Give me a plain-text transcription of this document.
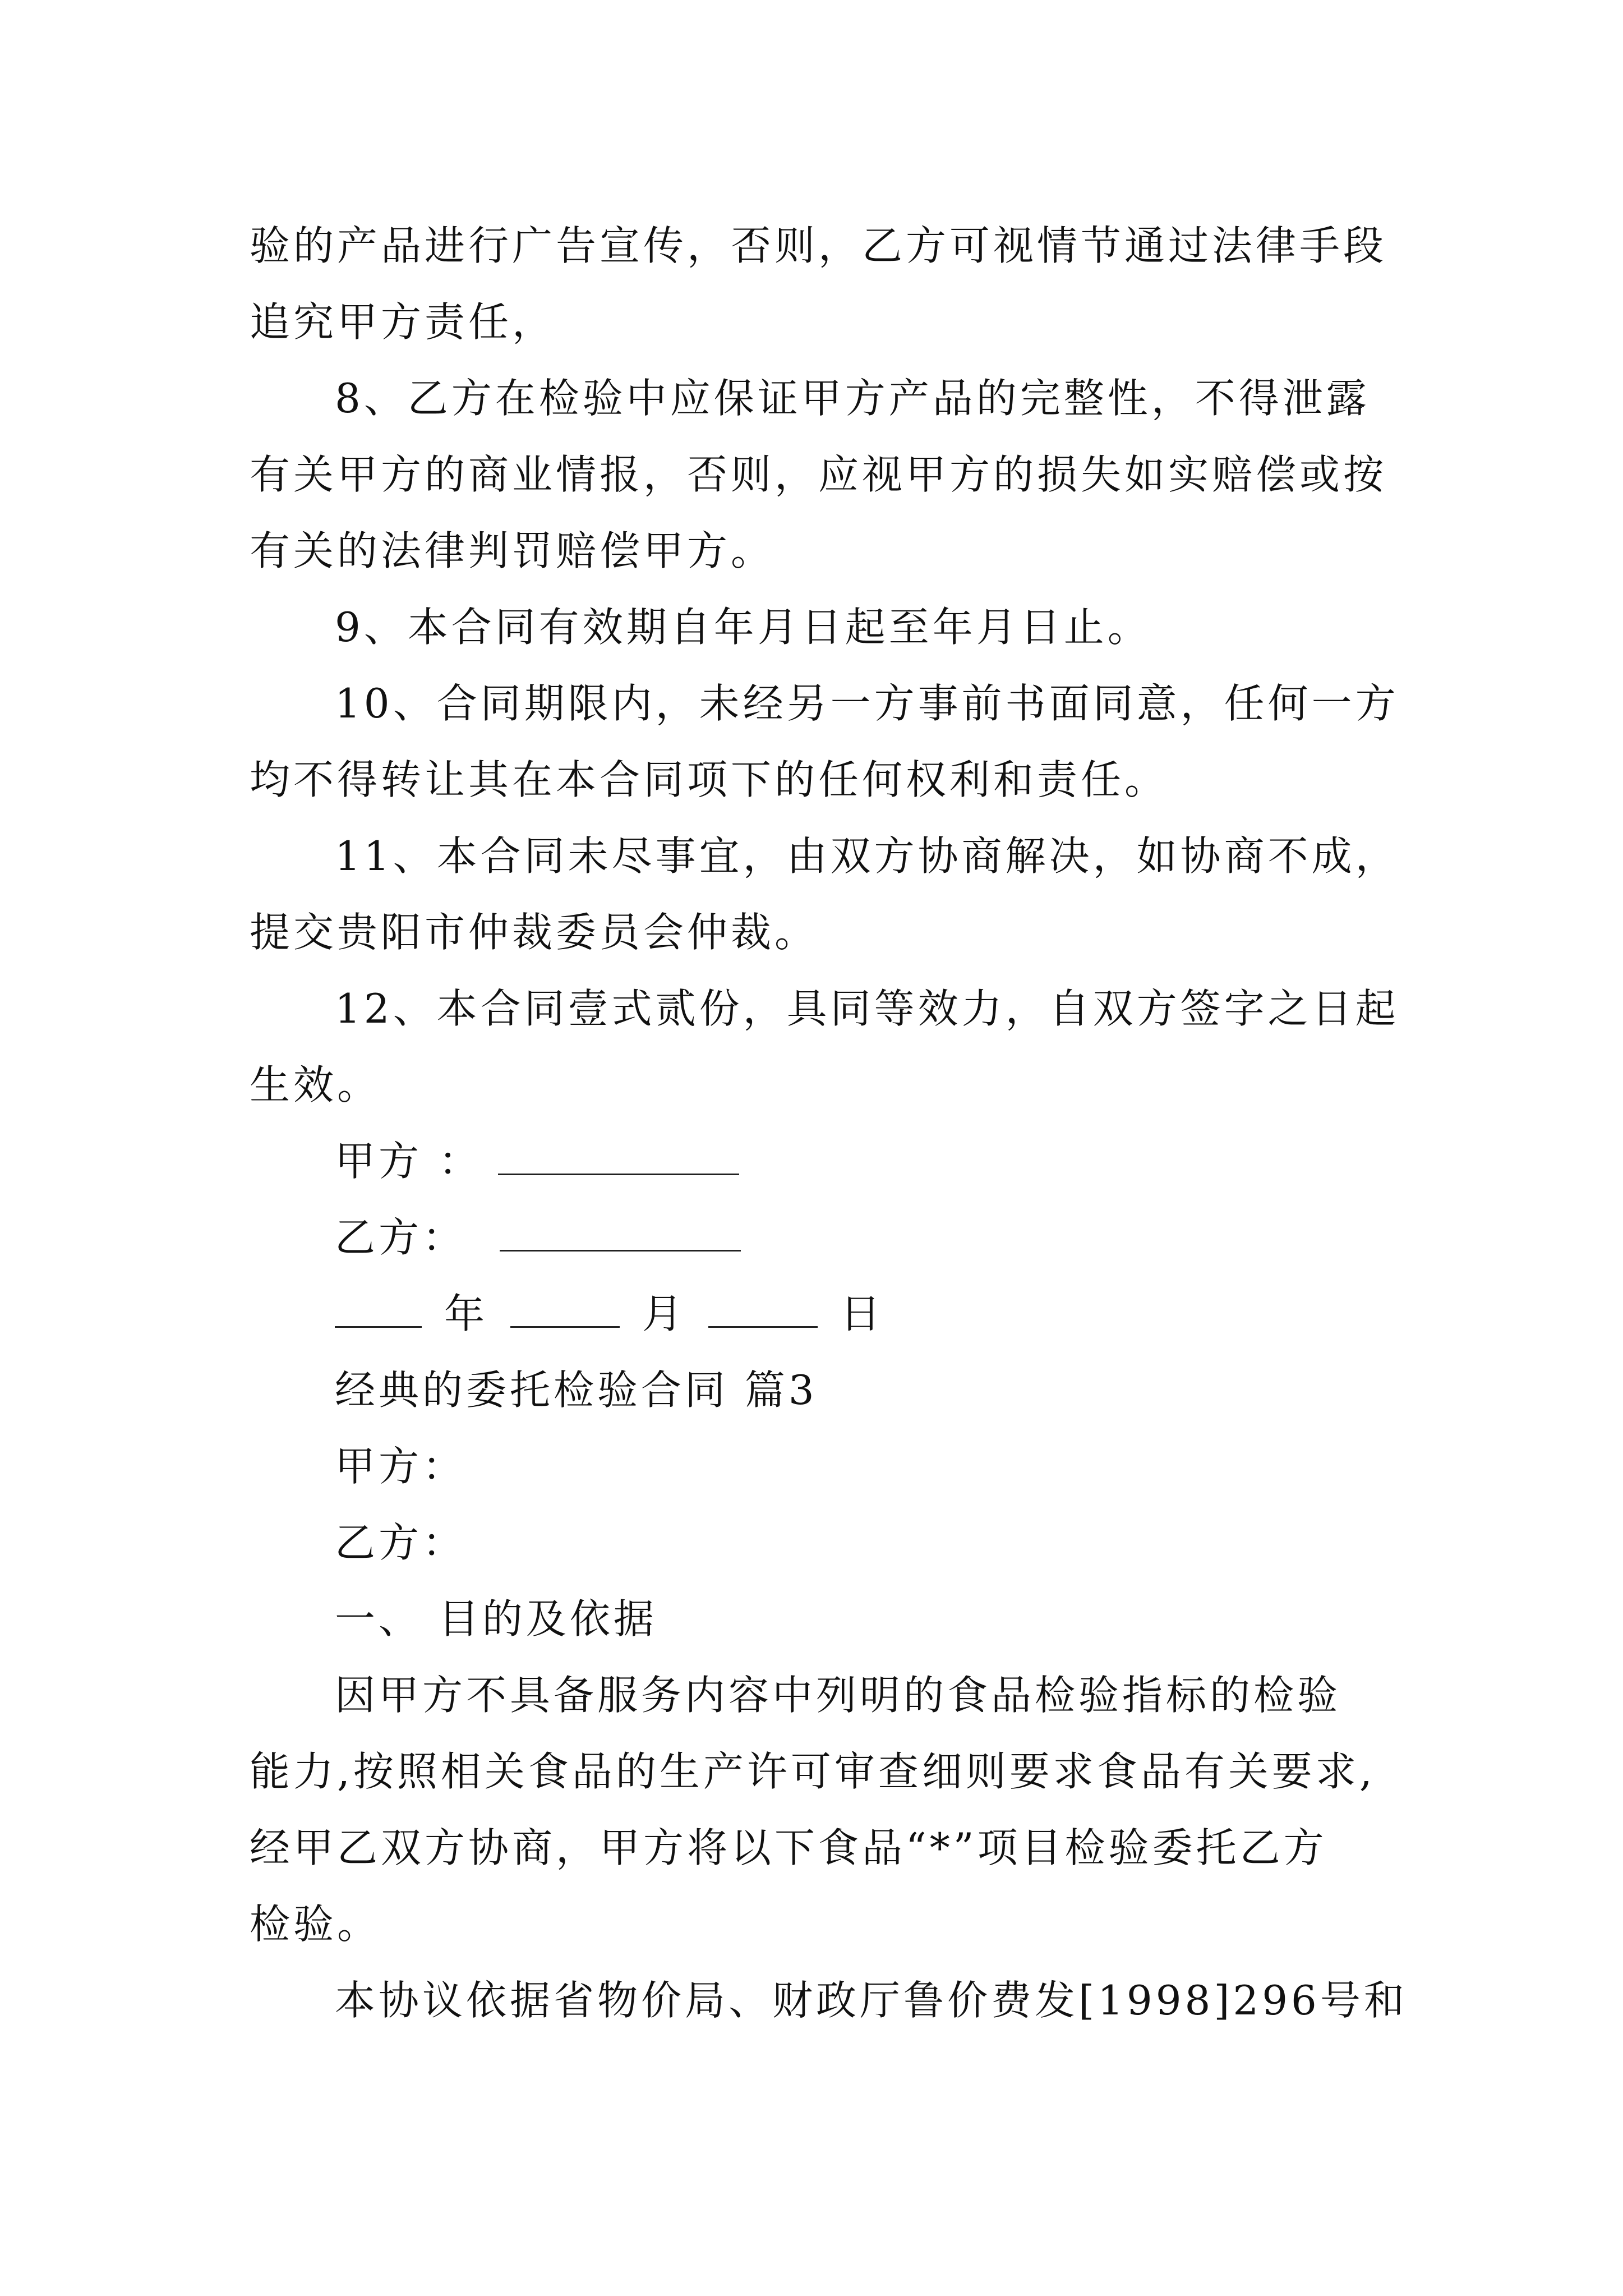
验的产品进行广告宣传，否则，乙方可视情节通过法律手段

追究甲方责任，

8、乙方在检验中应保证甲方产品的完整性，不得泄露

有关甲方的商业情报，否则，应视甲方的损失如实赔偿或按

有关的法律判罚赔偿甲方。

9、本合同有效期自年月日起至年月日止。

10、合同期限内，未经另一方事前书面同意，任何一方

均不得转让其在本合同项下的任何权利和责任。

11、本合同未尽事宜，由双方协商解决，如协商不成，

提交贵阳市仲裁委员会仲裁。

12、本合同壹式贰份，具同等效力，自双方签字之日起

生效。

甲方 ：

乙方：

年	月	日

经典的委托检验合同 篇3

甲方：

乙方：

一、 目的及依据

因甲方不具备服务内容中列明的食品检验指标的检验

能力,按照相关食品的生产许可审查细则要求食品有关要求,

经甲乙双方协商，甲方将以下食品“*”项目检验委托乙方

检验。

本协议依据省物价局、财政厅鲁价费发[1998]296号和
